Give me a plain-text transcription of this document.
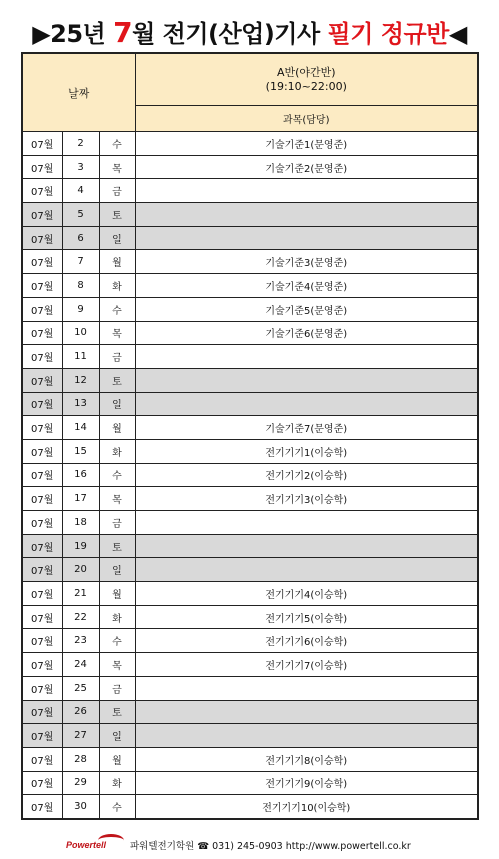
▶25년 7월 전기(산업)기사 필기 정규반◀
날짜			A반(야간반)
(19:10~22:00)

			과목(담당)
07월	2	수	기술기준1(문영준)
07월	3	목	기술기준2(문영준)
07월	4	금	
07월	5	토	
07월	6	일	
07월	7	월	기술기준3(문영준)
07월	8	화	기술기준4(문영준)
07월	9	수	기술기준5(문영준)
07월	10	목	기술기준6(문영준)
07월	11	금	
07월	12	토	
07월	13	일	
07월	14	월	기술기준7(문영준)
07월	15	화	전기기기1(이승학)
07월	16	수	전기기기2(이승학)
07월	17	목	전기기기3(이승학)
07월	18	금	
07월	19	토	
07월	20	일	
07월	21	월	전기기기4(이승학)
07월	22	화	전기기기5(이승학)
07월	23	수	전기기기6(이승학)
07월	24	목	전기기기7(이승학)
07월	25	금	
07월	26	토	
07월	27	일	
07월	28	월	전기기기8(이승학)
07월	29	화	전기기기9(이승학)
07월	30	수	전기기기10(이승학)
Powertell	파워텔전기학원 ☎ 031) 245-0903 http://www.powertell.co.kr
